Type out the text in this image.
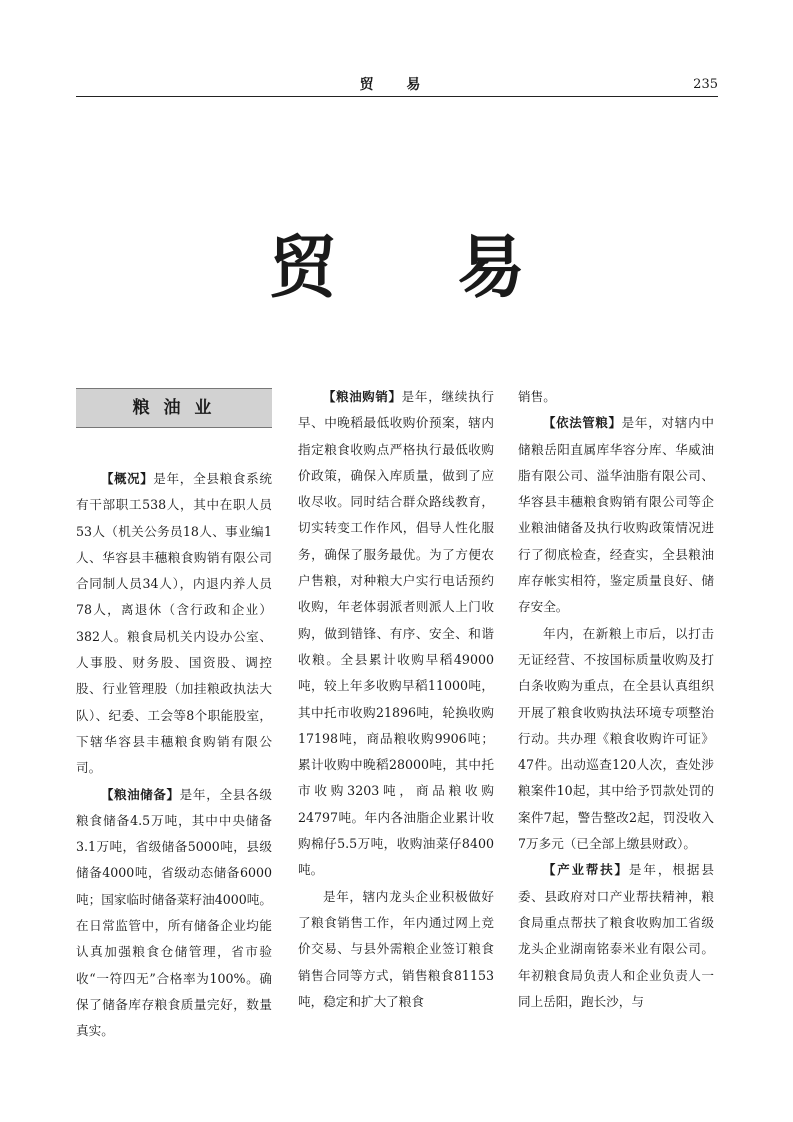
贸 易	235
贸易
粮 油 业

【概况】是年，全县粮食系统有干部职工538人，其中在职人员53人（机关公务员18人、事业编1人、华容县丰穗粮食购销有限公司合同制人员34人），内退内养人员78人，离退休（含行政和企业）382人。粮食局机关内设办公室、人事股、财务股、国资股、调控股、行业管理股（加挂粮政执法大队）、纪委、工会等8个职能股室，下辖华容县丰穗粮食购销有限公司。

【粮油储备】是年，全县各级粮食储备4.5万吨，其中中央储备3.1万吨，省级储备5000吨，县级储备4000吨，省级动态储备6000吨；国家临时储备菜籽油4000吨。在日常监管中，所有储备企业均能认真加强粮食仓储管理，省市验收“一符四无”合格率为100%。确保了储备库存粮食质量完好，数量真实。

【粮油购销】是年，继续执行早、中晚稻最低收购价预案，辖内指定粮食收购点严格执行最低收购价政策，确保入库质量，做到了应收尽收。同时结合群众路线教育，切实转变工作作风，倡导人性化服务，确保了服务最优。为了方便农户售粮，对种粮大户实行电话预约收购，年老体弱派者则派人上门收购，做到错锋、有序、安全、和谐收粮。全县累计收购早稻49000吨，较上年多收购早稻11000吨，其中托市收购21896吨，轮换收购17198吨，商品粮收购9906吨；累计收购中晚稻28000吨，其中托市收购3203吨，商品粮收购24797吨。年内各油脂企业累计收购棉仔5.5万吨，收购油菜仔8400吨。

是年，辖内龙头企业积极做好了粮食销售工作，年内通过网上竞价交易、与县外需粮企业签订粮食销售合同等方式，销售粮食81153吨，稳定和扩大了粮食

销售。

【依法管粮】是年，对辖内中储粮岳阳直属库华容分库、华威油脂有限公司、溢华油脂有限公司、华容县丰穗粮食购销有限公司等企业粮油储备及执行收购政策情况进行了彻底检查，经查实，全县粮油库存帐实相符，鉴定质量良好、储存安全。

年内，在新粮上市后，以打击无证经营、不按国标质量收购及打白条收购为重点，在全县认真组织开展了粮食收购执法环境专项整治行动。共办理《粮食收购许可证》47件。出动巡查120人次，查处涉粮案件10起，其中给予罚款处罚的案件7起，警告整改2起，罚没收入7万多元（已全部上缴县财政）。

【产业帮扶】是年，根据县委、县政府对口产业帮扶精神，粮食局重点帮扶了粮食收购加工省级龙头企业湖南铭泰米业有限公司。年初粮食局负责人和企业负责人一同上岳阳，跑长沙，与
